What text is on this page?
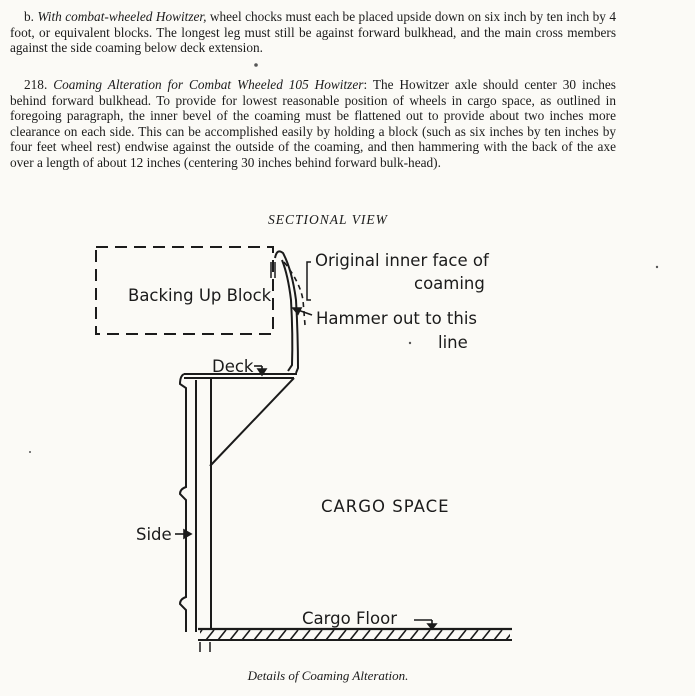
b. With combat-wheeled Howitzer, wheel chocks must each be placed upside down on six inch by ten inch by 4 foot, or equivalent blocks. The longest leg must still be against forward bulkhead, and the main cross members against the side coaming below deck extension.

218. Coaming Alteration for Combat Wheeled 105 Howitzer: The Howitzer axle should center 30 inches behind forward bulkhead. To provide for lowest reasonable position of wheels in cargo space, as outlined in foregoing paragraph, the inner bevel of the coaming must be flattened out to provide about two inches more clearance on each side. This can be accomplished easily by holding a block (such as six inches by ten inches by four feet wheel rest) endwise against the outside of the coaming, and then hammering with the back of the axe over a length of about 12 inches (centering 30 inches behind forward bulk-head).

SECTIONAL VIEW
Original inner face of
coaming
Hammer out to this
line
Backing Up Block
Deck
CARGO SPACE
Side
Cargo Floor
Details of Coaming Alteration.
